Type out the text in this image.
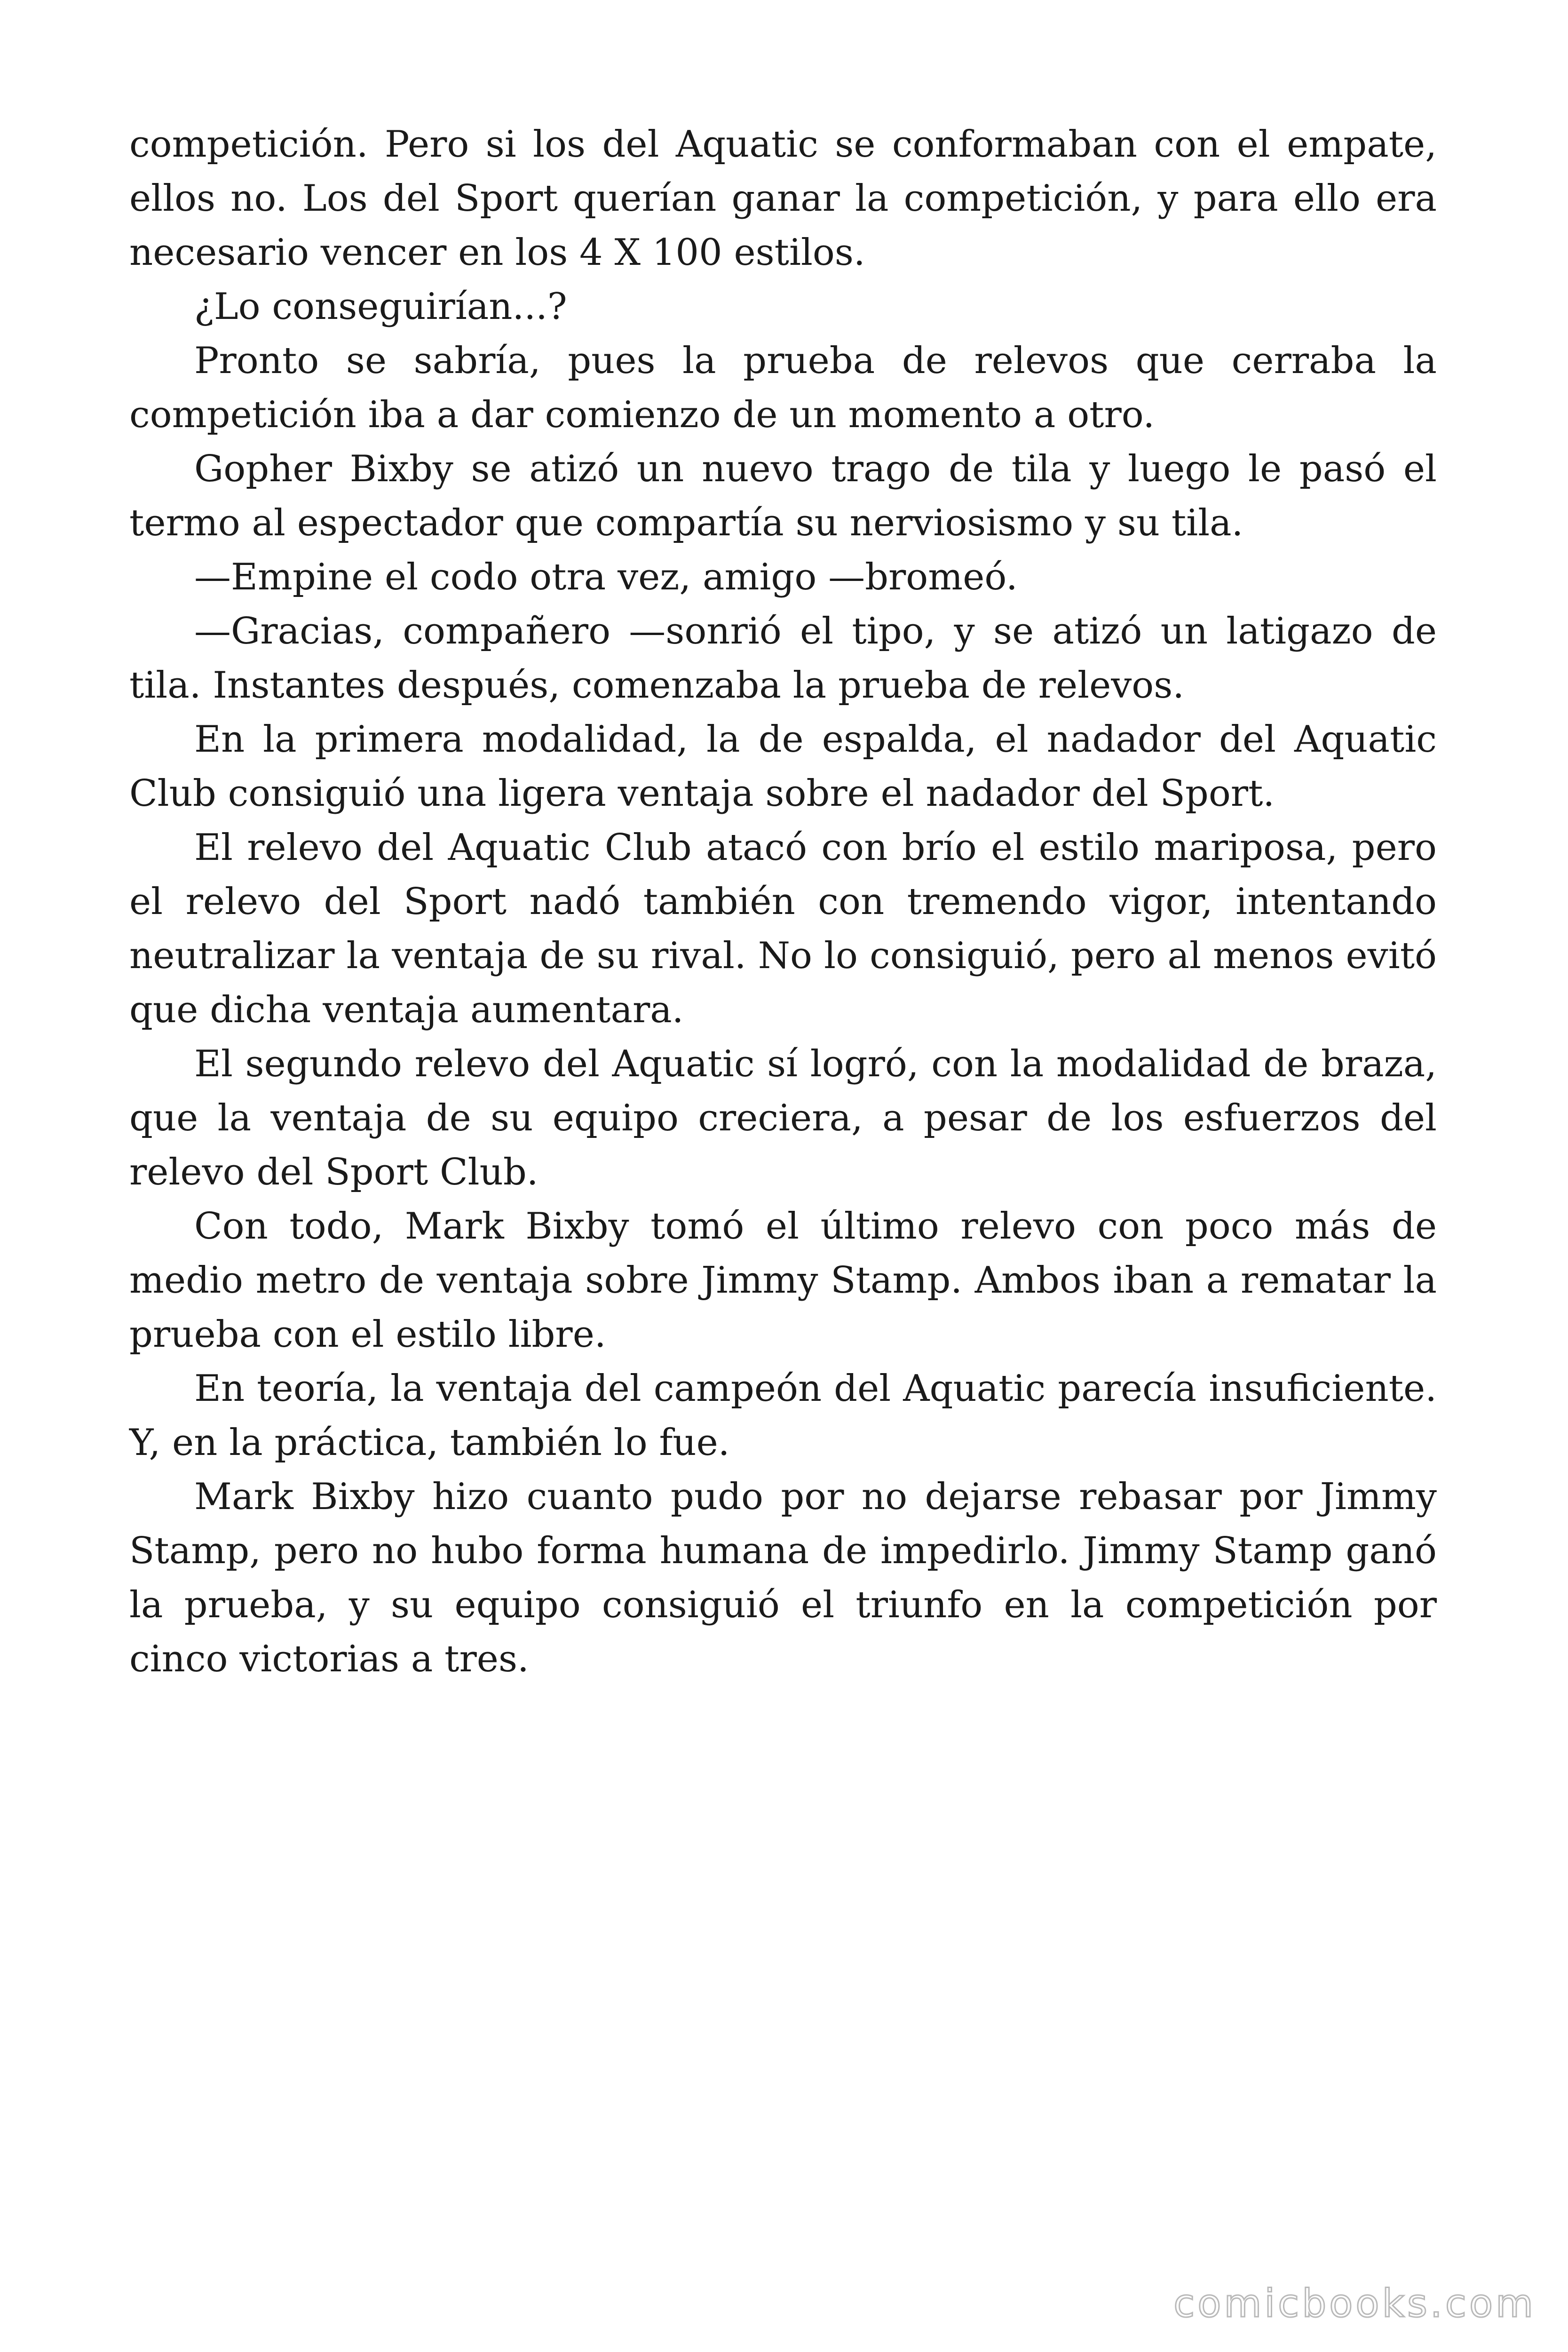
competición. Pero si los del Aquatic se conformaban con el empate, ellos no. Los del Sport querían ganar la competición, y para ello era necesario vencer en los 4 X 100 estilos.

¿Lo conseguirían...?

Pronto se sabría, pues la prueba de relevos que cerraba la competición iba a dar comienzo de un momento a otro.

Gopher Bixby se atizó un nuevo trago de tila y luego le pasó el termo al espectador que compartía su nerviosismo y su tila.

—Empine el codo otra vez, amigo —bromeó.

—Gracias, compañero —sonrió el tipo, y se atizó un latigazo de tila. Instantes después, comenzaba la prueba de relevos.

En la primera modalidad, la de espalda, el nadador del Aquatic Club consiguió una ligera ventaja sobre el nadador del Sport.

El relevo del Aquatic Club atacó con brío el estilo mariposa, pero el relevo del Sport nadó también con tremendo vigor, intentando neutralizar la ventaja de su rival. No lo consiguió, pero al menos evitó que dicha ventaja aumentara.

El segundo relevo del Aquatic sí logró, con la modalidad de braza, que la ventaja de su equipo creciera, a pesar de los esfuerzos del relevo del Sport Club.

Con todo, Mark Bixby tomó el último relevo con poco más de medio metro de ventaja sobre Jimmy Stamp. Ambos iban a rematar la prueba con el estilo libre.

En teoría, la ventaja del campeón del Aquatic parecía insuficiente. Y, en la práctica, también lo fue.

Mark Bixby hizo cuanto pudo por no dejarse rebasar por Jimmy Stamp, pero no hubo forma humana de impedirlo. Jimmy Stamp ganó la prueba, y su equipo consiguió el triunfo en la competición por cinco victorias a tres.

comicbooks.com
